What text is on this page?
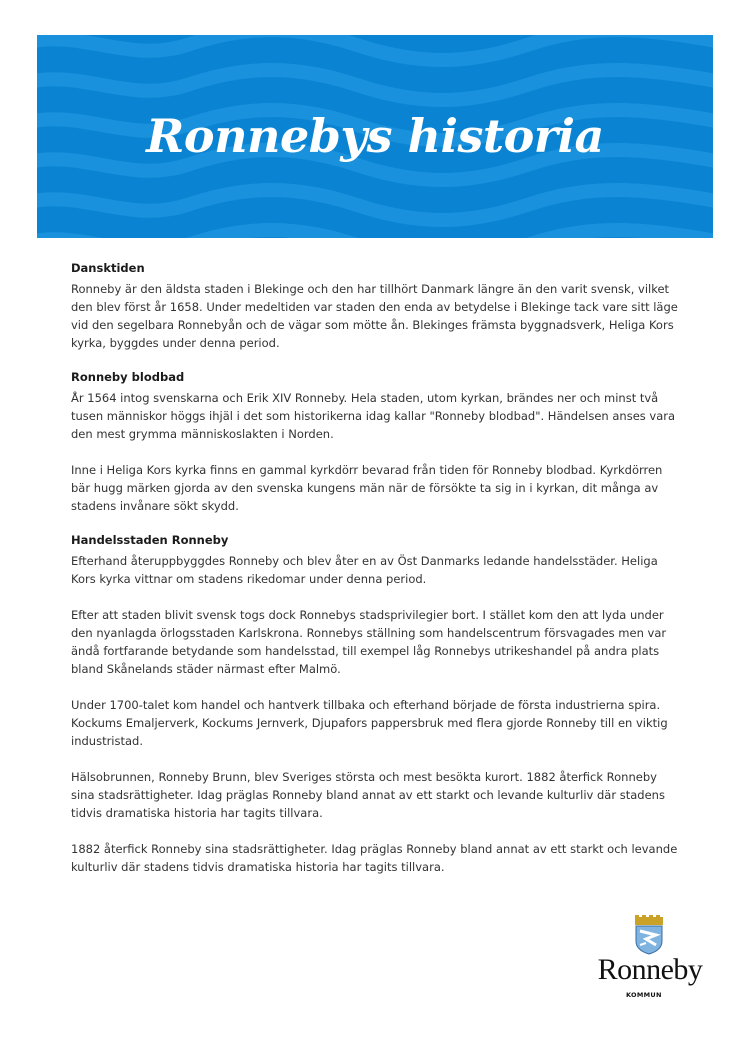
Ronnebys historia
Dansktiden

Ronneby är den äldsta staden i Blekinge och den har tillhört Danmark längre än den varit svensk, vilket den blev först år 1658. Under medeltiden var staden den enda av betydelse i Blekinge tack vare sitt läge vid den segelbara Ronnebyån och de vägar som mötte ån. Blekinges främsta byggnadsverk, Heliga Kors kyrka, byggdes under denna period.

Ronneby blodbad

År 1564 intog svenskarna och Erik XIV Ronneby. Hela staden, utom kyrkan, brändes ner och minst två tusen människor höggs ihjäl i det som historikerna idag kallar "Ronneby blodbad". Händelsen anses vara den mest grymma människoslakten i Norden.

Inne i Heliga Kors kyrka finns en gammal kyrkdörr bevarad från tiden för Ronneby blodbad. Kyrkdörren bär hugg märken gjorda av den svenska kungens män när de försökte ta sig in i kyrkan, dit många av stadens invånare sökt skydd.

Handelsstaden Ronneby

Efterhand återuppbyggdes Ronneby och blev åter en av Öst Danmarks ledande handelsstäder. Heliga Kors kyrka vittnar om stadens rikedomar under denna period.

Efter att staden blivit svensk togs dock Ronnebys stadsprivilegier bort. I stället kom den att lyda under den nyanlagda örlogsstaden Karlskrona. Ronnebys ställning som handelscentrum försvagades men var ändå fortfarande betydande som handelsstad, till exempel låg Ronnebys utrikeshandel på andra plats bland Skånelands städer närmast efter Malmö.

Under 1700-talet kom handel och hantverk tillbaka och efterhand började de första industrierna spira. Kockums Emaljerverk, Kockums Jernverk, Djupafors pappersbruk med flera gjorde Ronneby till en viktig industristad.

Hälsobrunnen, Ronneby Brunn, blev Sveriges största och mest besökta kurort. 1882 återfick Ronneby sina stadsrättigheter. Idag präglas Ronneby bland annat av ett starkt och levande kulturliv där stadens tidvis dramatiska historia har tagits tillvara.

1882 återfick Ronneby sina stadsrättigheter. Idag präglas Ronneby bland annat av ett starkt och levande kulturliv där stadens tidvis dramatiska historia har tagits tillvara.

Ronneby
KOMMUN
